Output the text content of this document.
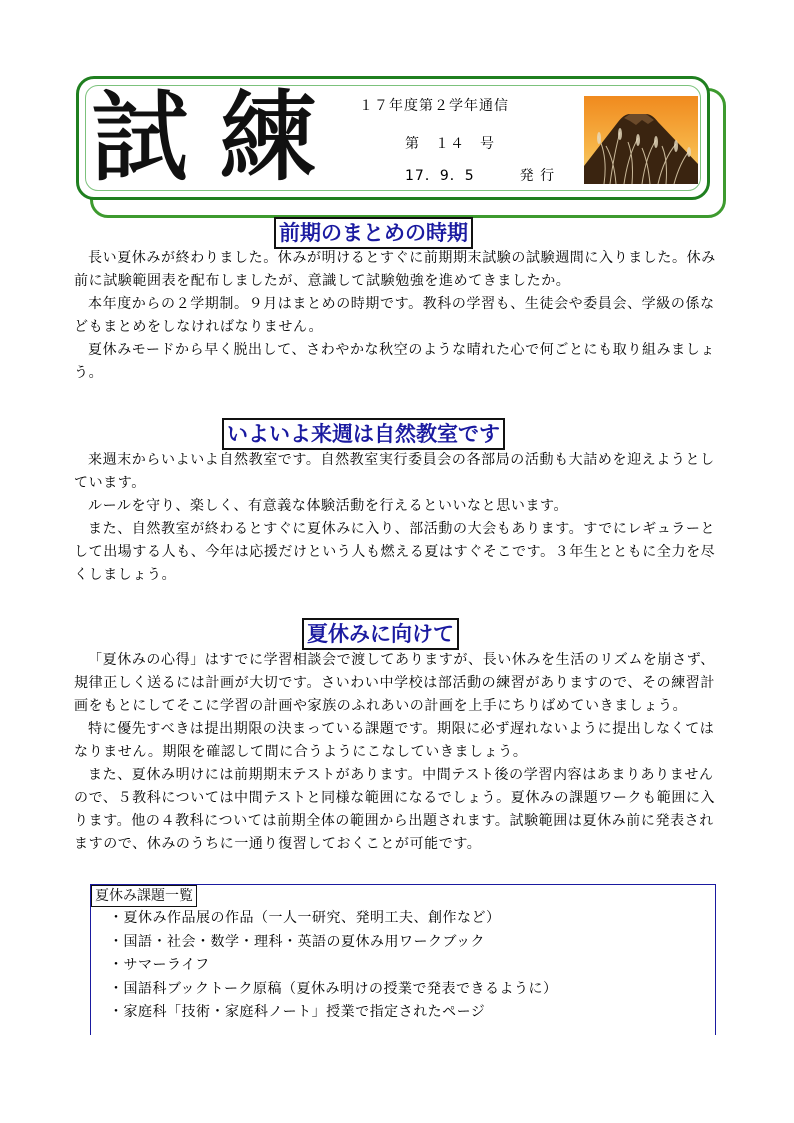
試 練	１７年度第２学年通信
第　１４　号
17．9．5　　　発 行
前期のまとめの時期

長い夏休みが終わりました。休みが明けるとすぐに前期期末試験の試験週間に入りました。休み前に試験範囲表を配布しましたが、意識して試験勉強を進めてきましたか。

本年度からの２学期制。９月はまとめの時期です。教科の学習も、生徒会や委員会、学級の係などもまとめをしなければなりません。

夏休みモードから早く脱出して、さわやかな秋空のような晴れた心で何ごとにも取り組みましょう。

いよいよ来週は自然教室です

来週末からいよいよ自然教室です。自然教室実行委員会の各部局の活動も大詰めを迎えようとしています。

ルールを守り、楽しく、有意義な体験活動を行えるといいなと思います。

また、自然教室が終わるとすぐに夏休みに入り、部活動の大会もあります。すでにレギュラーとして出場する人も、今年は応援だけという人も燃える夏はすぐそこです。３年生とともに全力を尽くしましょう。

夏休みに向けて

「夏休みの心得」はすでに学習相談会で渡してありますが、長い休みを生活のリズムを崩さず、規律正しく送るには計画が大切です。さいわい中学校は部活動の練習がありますので、その練習計画をもとにしてそこに学習の計画や家族のふれあいの計画を上手にちりばめていきましょう。

特に優先すべきは提出期限の決まっている課題です。期限に必ず遅れないように提出しなくてはなりません。期限を確認して間に合うようにこなしていきましょう。

また、夏休み明けには前期期末テストがあります。中間テスト後の学習内容はあまりありませんので、５教科については中間テストと同様な範囲になるでしょう。夏休みの課題ワークも範囲に入ります。他の４教科については前期全体の範囲から出題されます。試験範囲は夏休み前に発表されますので、休みのうちに一通り復習しておくことが可能です。

夏休み課題一覧
・夏休み作品展の作品（一人一研究、発明工夫、創作など）
・国語・社会・数学・理科・英語の夏休み用ワークブック
・サマーライフ
・国語科ブックトーク原稿（夏休み明けの授業で発表できるように）
・家庭科「技術・家庭科ノート」授業で指定されたページ
